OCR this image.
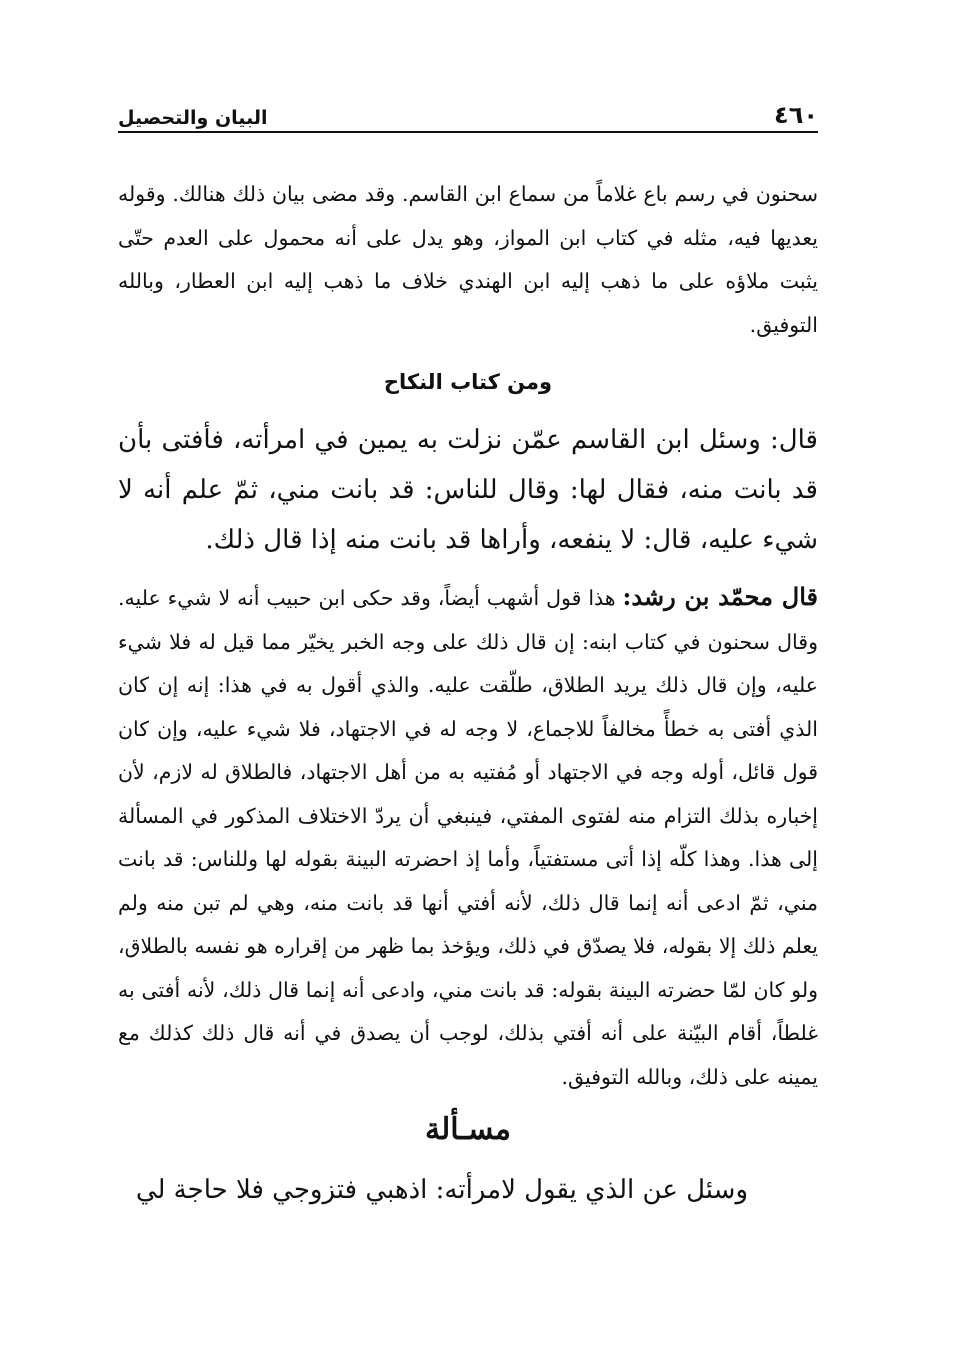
٤٦٠
البيان والتحصيل

سحنون في رسم باع غلاماً من سماع ابن القاسم. وقد مضى بيان ذلك هنالك. وقوله يعديها فيه، مثله في كتاب ابن المواز، وهو يدل على أنه محمول على العدم حتّى يثبت ملاؤه على ما ذهب إليه ابن الهندي خلاف ما ذهب إليه ابن العطار، وبالله التوفيق.

ومن كتاب النكاح

قال: وسئل ابن القاسم عمّن نزلت به يمين في امرأته، فأفتى بأن قد بانت منه، فقال لها: وقال للناس: قد بانت مني، ثمّ علم أنه لا شيء عليه، قال: لا ينفعه، وأراها قد بانت منه إذا قال ذلك.

قال محمّد بن رشد: هذا قول أشهب أيضاً، وقد حكى ابن حبيب أنه لا شيء عليه. وقال سحنون في كتاب ابنه: إن قال ذلك على وجه الخبر يخيّر مما قيل له فلا شيء عليه، وإن قال ذلك يريد الطلاق، طلّقت عليه. والذي أقول به في هذا: إنه إن كان الذي أفتى به خطأً مخالفاً للاجماع، لا وجه له في الاجتهاد، فلا شيء عليه، وإن كان قول قائل، أوله وجه في الاجتهاد أو مُفتيه به من أهل الاجتهاد، فالطلاق له لازم، لأن إخباره بذلك التزام منه لفتوى المفتي، فينبغي أن يردّ الاختلاف المذكور في المسألة إلى هذا. وهذا كلّه إذا أتى مستفتياً، وأما إذ احضرته البينة بقوله لها وللناس: قد بانت مني، ثمّ ادعى أنه إنما قال ذلك، لأنه أفتي أنها قد بانت منه، وهي لم تبن منه ولم يعلم ذلك إلا بقوله، فلا يصدّق في ذلك، ويؤخذ بما ظهر من إقراره هو نفسه بالطلاق، ولو كان لمّا حضرته البينة بقوله: قد بانت مني، وادعى أنه إنما قال ذلك، لأنه أفتى به غلطاً، أقام البيّنة على أنه أفتي بذلك، لوجب أن يصدق في أنه قال ذلك كذلك مع يمينه على ذلك، وبالله التوفيق.

مسـألة

وسئل عن الذي يقول لامرأته: اذهبي فتزوجي فلا حاجة لي
